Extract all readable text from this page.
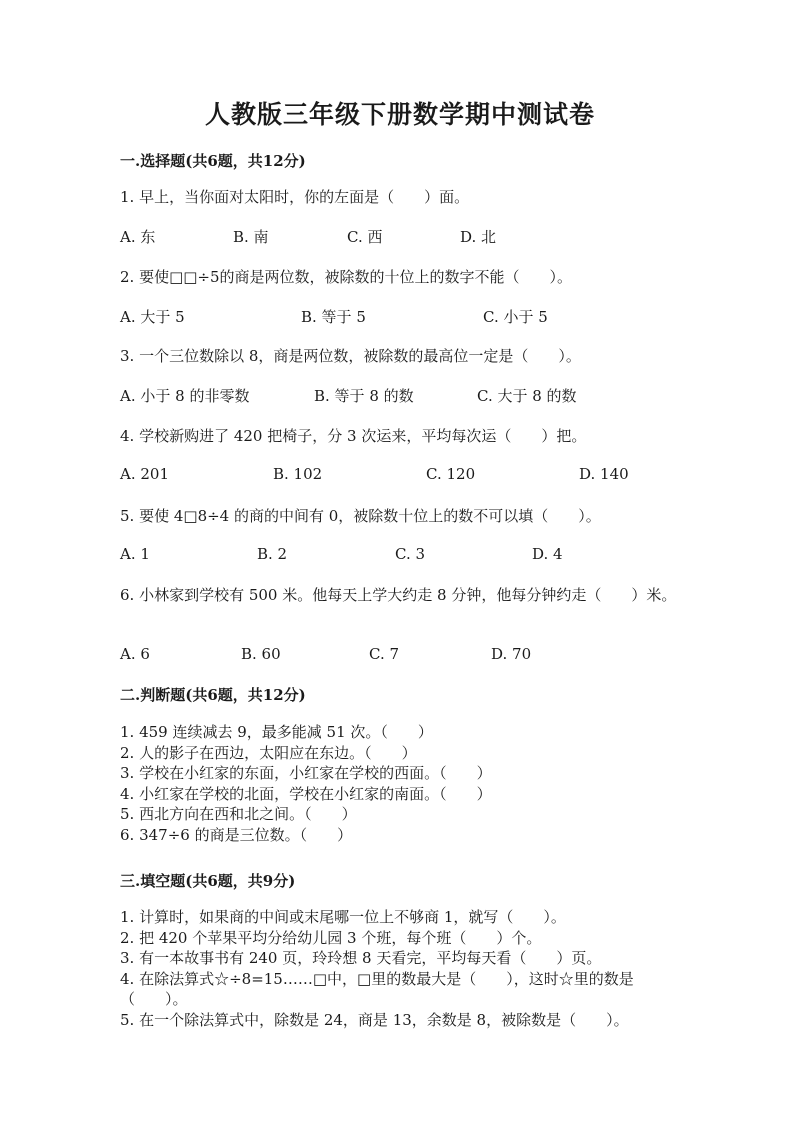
人教版三年级下册数学期中测试卷
一.选择题(共6题，共12分)
1. 早上，当你面对太阳时，你的左面是（　　）面。
A. 东	B. 南	C. 西	D. 北
2. 要使□□÷5的商是两位数，被除数的十位上的数字不能（　　）。
A. 大于 5	B. 等于 5	C. 小于 5
3. 一个三位数除以 8，商是两位数，被除数的最高位一定是（　　）。
A. 小于 8 的非零数	B. 等于 8 的数	C. 大于 8 的数
4. 学校新购进了 420 把椅子，分 3 次运来，平均每次运（　　）把。
A. 201	B. 102	C. 120	D. 140
5. 要使 4□8÷4 的商的中间有 0，被除数十位上的数不可以填（　　）。
A. 1	B. 2	C. 3	D. 4
6. 小林家到学校有 500 米。他每天上学大约走 8 分钟，他每分钟约走（　　）米。
A. 6	B. 60	C. 7	D. 70
二.判断题(共6题，共12分)
1. 459 连续减去 9，最多能减 51 次。（　　）
2. 人的影子在西边，太阳应在东边。（　　）
3. 学校在小红家的东面，小红家在学校的西面。（　　）
4. 小红家在学校的北面，学校在小红家的南面。（　　）
5. 西北方向在西和北之间。（　　）
6. 347÷6 的商是三位数。（　　）
三.填空题(共6题，共9分)
1. 计算时，如果商的中间或末尾哪一位上不够商 1，就写（　　）。
2. 把 420 个苹果平均分给幼儿园 3 个班，每个班（　　）个。
3. 有一本故事书有 240 页，玲玲想 8 天看完，平均每天看（　　）页。
4. 在除法算式☆÷8=15……□中，□里的数最大是（　　），这时☆里的数是（　　）。
5. 在一个除法算式中，除数是 24，商是 13，余数是 8，被除数是（　　）。
